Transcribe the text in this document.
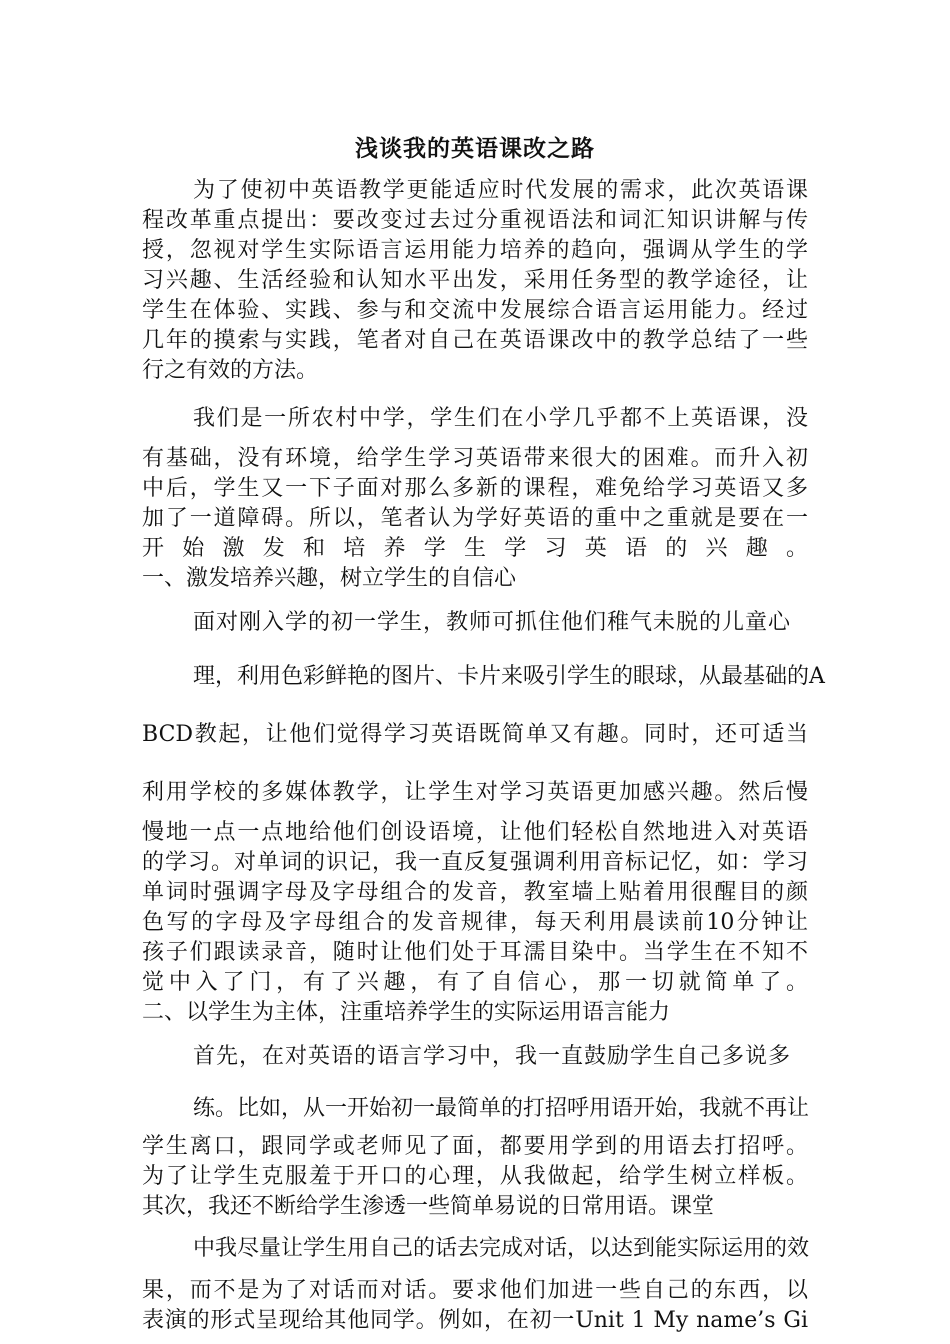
浅谈我的英语课改之路
为了使初中英语教学更能适应时代发展的需求，此次英语课
程改革重点提出：要改变过去过分重视语法和词汇知识讲解与传
授，忽视对学生实际语言运用能力培养的趋向，强调从学生的学
习兴趣、生活经验和认知水平出发，采用任务型的教学途径，让
学生在体验、实践、参与和交流中发展综合语言运用能力。经过
几年的摸索与实践，笔者对自己在英语课改中的教学总结了一些
行之有效的方法。
我们是一所农村中学，学生们在小学几乎都不上英语课，没
有基础，没有环境，给学生学习英语带来很大的困难。而升入初
中后，学生又一下子面对那么多新的课程，难免给学习英语又多
加了一道障碍。所以，笔者认为学好英语的重中之重就是要在一
开始激发和培养学生学习英语的兴趣。
一、激发培养兴趣，树立学生的自信心
面对刚入学的初一学生，教师可抓住他们稚气未脱的儿童心
理，利用色彩鲜艳的图片、卡片来吸引学生的眼球，从最基础的A
BCD教起，让他们觉得学习英语既简单又有趣。同时，还可适当
利用学校的多媒体教学，让学生对学习英语更加感兴趣。然后慢
慢地一点一点地给他们创设语境，让他们轻松自然地进入对英语
的学习。对单词的识记，我一直反复强调利用音标记忆，如：学习
单词时强调字母及字母组合的发音，教室墙上贴着用很醒目的颜
色写的字母及字母组合的发音规律，每天利用晨读前10分钟让
孩子们跟读录音，随时让他们处于耳濡目染中。当学生在不知不
觉中入了门，有了兴趣，有了自信心，那一切就简单了。
二、以学生为主体，注重培养学生的实际运用语言能力
首先，在对英语的语言学习中，我一直鼓励学生自己多说多
练。比如，从一开始初一最简单的打招呼用语开始，我就不再让
学生离口，跟同学或老师见了面，都要用学到的用语去打招呼。
为了让学生克服羞于开口的心理，从我做起，给学生树立样板。
其次，我还不断给学生渗透一些简单易说的日常用语。课堂
中我尽量让学生用自己的话去完成对话，以达到能实际运用的效
果，而不是为了对话而对话。要求他们加进一些自己的东西，以
表演的形式呈现给其他同学。例如，在初一Unit 1 My name’s Gi
